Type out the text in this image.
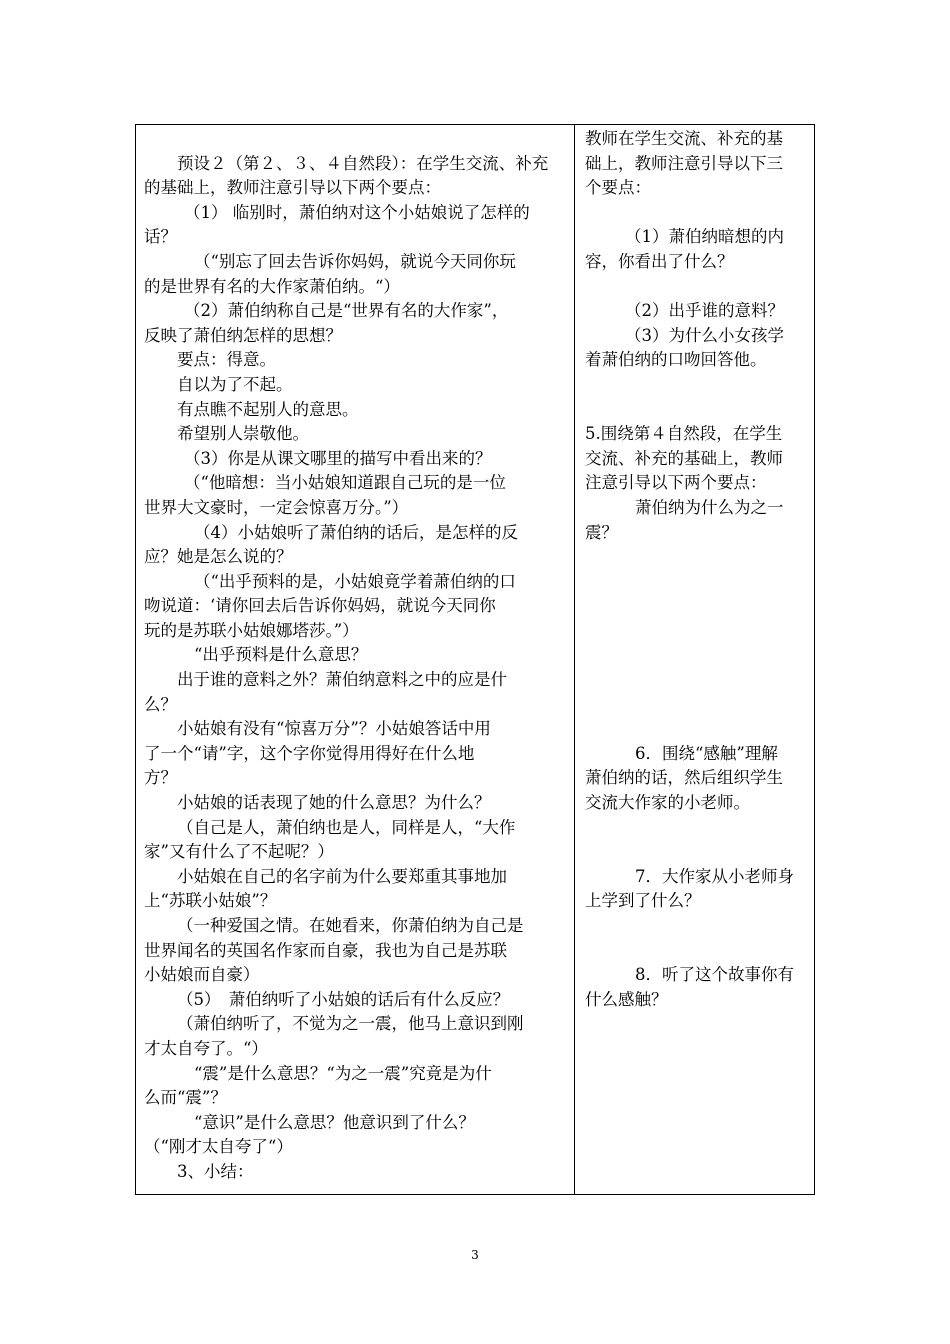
预设２（第２、３、４自然段）：在学生交流、补充
的基础上，教师注意引导以下两个要点：
（1） 临别时，萧伯纳对这个小姑娘说了怎样的
话？
（“别忘了回去告诉你妈妈，就说今天同你玩
的是世界有名的大作家萧伯纳。“）
（2）萧伯纳称自己是“世界有名的大作家”，
反映了萧伯纳怎样的思想？
要点：得意。
自以为了不起。
有点瞧不起别人的意思。
希望别人崇敬他。
（3）你是从课文哪里的描写中看出来的？
（“他暗想：当小姑娘知道跟自己玩的是一位
世界大文豪时，一定会惊喜万分。”）
（4）小姑娘听了萧伯纳的话后，是怎样的反
应？她是怎么说的？
（“出乎预料的是，小姑娘竟学着萧伯纳的口
吻说道：‘请你回去后告诉你妈妈，就说今天同你
玩的是苏联小姑娘娜塔莎。”）
“出乎预料是什么意思？
出于谁的意料之外？萧伯纳意料之中的应是什
么？
小姑娘有没有“惊喜万分”？小姑娘答话中用
了一个“请”字，这个字你觉得用得好在什么地
方？
小姑娘的话表现了她的什么意思？为什么？
（自己是人，萧伯纳也是人，同样是人，“大作
家”又有什么了不起呢？）
小姑娘在自己的名字前为什么要郑重其事地加
上“苏联小姑娘”？
（一种爱国之情。在她看来，你萧伯纳为自己是
世界闻名的英国名作家而自豪，我也为自己是苏联
小姑娘而自豪）
（5）　萧伯纳听了小姑娘的话后有什么反应？
（萧伯纳听了，不觉为之一震，他马上意识到刚
才太自夸了。“）
“震”是什么意思？“为之一震”究竟是为什
么而“震”？
“意识”是什么意思？他意识到了什么？
（“刚才太自夸了“）
3、小结：
教师在学生交流、补充的基
础上，教师注意引导以下三
个要点：
（1）萧伯纳暗想的内
容，你看出了什么？
（2）出乎谁的意料？
（3）为什么小女孩学
着萧伯纳的口吻回答他。
5.围绕第４自然段，在学生
交流、补充的基础上，教师
注意引导以下两个要点：
萧伯纳为什么为之一
震？
6．围绕“感触”理解
萧伯纳的话，然后组织学生
交流大作家的小老师。
7．大作家从小老师身
上学到了什么？
8．听了这个故事你有
什么感触？
3
